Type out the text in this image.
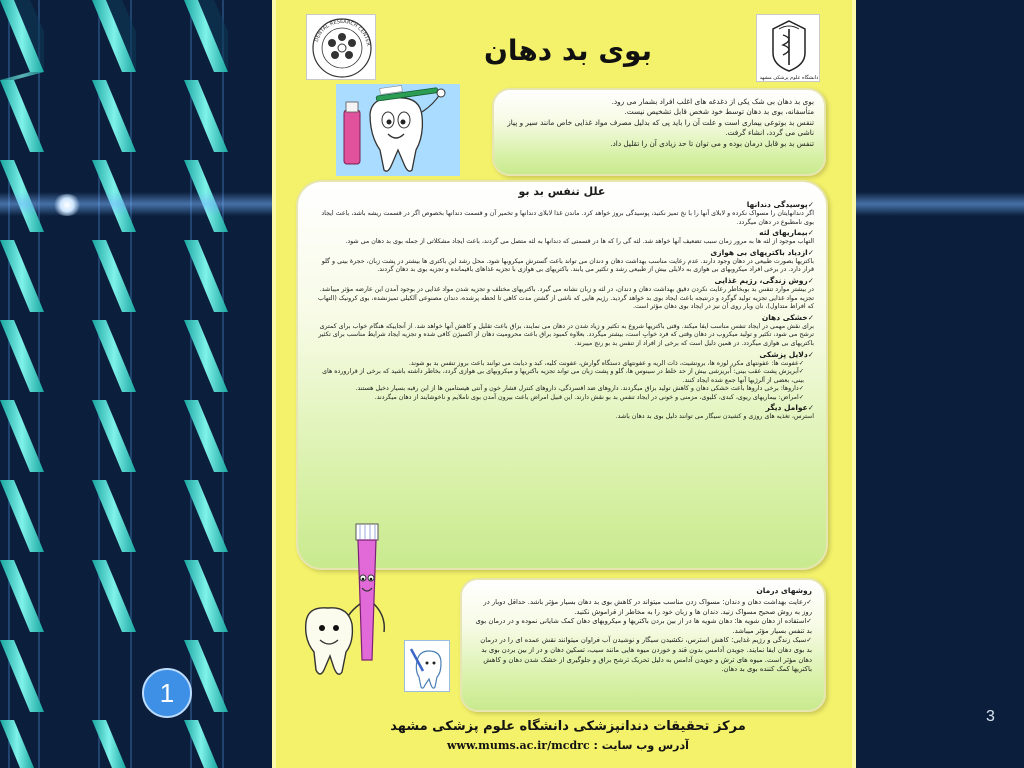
1
3
DENTAL RESEARCH CENTER	بوی بد دهان
دانشگاه علوم پزشکی مشهد

بوی بد دهان بی شک یکی از دغدغه های اغلب افراد بشمار می رود.

متأسفانه، بوی بد دهان توسط خود شخص قابل تشخیص نیست.

تنفس بد بوتوعی بیماری است و علت آن را باید پی که بدلیل مصرف مواد غذایی خاص مانند سیر و پیاز ناشی می گردد، انشاء گرفت.

تنفس بد بو قابل درمان بوده و می توان تا حد زیادی آن را تقلیل داد.

علل تنفس بد بو
✓پوسیدگی دندانها
اگر دندانهایتان را مسواک نکرده و لابلای آنها را با نخ تمیز نکنید، پوسیدگی بروز خواهد کرد. ماندن غذا لابلای دندانها و تخمیر آن و قسمت دندانها بخصوص اگر در قسمت ریشه باشد، باعث ایجاد بوی نامطبوع در دهان میگردد.
✓بیماریهای لثه
التهاب موجود از لثه ها به مرور زمان سبب تضعیف آنها خواهد شد. لثه گی را که ها در قسمتی که دندانها به لثه متصل می گردند، باعث ایجاد مشکلاتی از جمله بوی بد دهان می شود.
✓ازدیاد باکتریهای بی هوازی
باکتریها بصورت طبیعی در دهان وجود دارند. عدم رعایت مناسب بهداشت دهان و دندان می تواند باعث گسترش میکروبها شود. محل رشد این باکتری ها بیشتر در پشت زبان، حجرهٔ بینی و گلو قرار دارد. در برخی افراد میکروبهای بی هوازی به دلایلی بیش از طبیعی رشد و تکثیر می یابند. باکتریهای بی هوازی با تجزیه غذاهای باقیمانده و تجزیه بوی بد دهان گردند.
✓روش زندگی، رژیم غذایی
در بیشتر موارد تنفس بد بوبخاطر رعایت نکردن دقیق بهداشت دهان و دندان، در لثه و زبان نشانه می گیرد. باکتریهای مختلف و تجزیه شدن مواد غذایی در بوجود آمدن این عارضه مؤثر میباشد. تجزیه مواد غذایی تجزیه تولید گوگرد و درنتیجه باعث ایجاد بوی بد خواهد گردید. رژیم هایی که ناشی از گشتن مدت کاهی تا لحظه پرشده، دندان مصنوعی آلکیلی تمیزنشده، بوی کرونیک (التهاب که افراط متداول)، نان وبار روی آن نیز در ایجاد بوی دهان مؤثر است.
✓خشکی دهان
برای نقش مهمی در ایجاد تنفس مناسب ایفا میکند. وقتی باکتریها شروع به تکثیر و زیاد شدن در دهان می نمایند، بزاق باعث تقلیل و کاهش آنها خواهد شد. از آنجاییکه هنگام خواب برای کمتری ترشح می شود، تکثیر و تولید میکروب در دهان وقتی که فرد خوابِ است، بیشتر میگردد. بعلاوه کمبود براق باعث محرومیت دهان از اکسیژن کافی شده و تجزیه ایجاد شرایط مناسب برای تکثیر باکتریهای بی هوازی میگردد. در همین دلیل است که برخی از افراد از تنفس بد بو رنج میبرند.
✓دلایل پزشکی
✓عفونت ها: عفونتهای مکرر لوزه ها، برونشیت، ذات الریه و عفونتهای دستگاه گوارش، عفونت کلیه، کبد و دیابت می توانند باعث بروز تنفس بد بو شوند.
✓آبریزش پشت عقب بینی: آبریزشی بیش از حد خلط در سینوس ها، گلو و پشت زبان می تواند تجزیه باکتریها و میکروبهای بی هوازی گردد، بخاطر داشته باشید که برخی از قرارورده های بینی، بعضی از آلرژیها آنها جمع شده ایجاد کنند.
✓داروها: برخی داروها باعث خشکی دهان و کاهش تولید بزاق میگردند. داروهای ضد افسردگی، داروهای کنترل فشار خون و آنتی هیستامین ها از این رفبه بسیار دخیل هستند.
✓امراض: بیماریهای ریوی، کبدی، کلیوی، مزمنی و خونی در ایجاد تنفس بد بو نقش دارند. این قبیل امراض باعث بیرون آمدن بوی ناملایم و ناخوشایند از دهان میگردند.
✓عوامل دیگر
استرس، تغذیه های روزی و کشیدن سیگار می توانند دلیل بوی بد دهان باشد.
روشهای درمان

✓رعایت بهداشت دهان و دندان: مسواک زدن مناسب میتواند در کاهش بوی بد دهان بسیار مؤثر باشد. حداقل دوبار در روز به روش صحیح مسواک زنید. دندان ها و زبان خود را به مخاطر از قراموش نکنید.

✓استفاده از دهان شویه ها: دهان شویه ها در از بین بردن باکتریها و میکروبهای دهان کمک شایانی نموده و در درمان بوی بد تنفس بسیار مؤثر میباشد.

✓سبک زندگی و رژیم غذایی: کاهش استرس، نکشیدن سیگار و نوشیدن آب فراوان میتوانند نقش عمده ای را در درمان بد بوی دهان ایفا نمایند. جویدن آدامس بدون قند و خوردن میوه هایی مانند سیب، تسکین دهان و در از بین بردن بوی بد دهان مؤثر است. میوه های ترش و جویدن آدامس به دلیل تحریک ترشح براق و جلوگیری از خشک شدن دهان و کاهش باکتریها کمک کننده بوی بد دهان.

مرکز تحقیقات دندانپزشکی دانشگاه علوم پزشکی مشهد
آدرس وب سایت : www.mums.ac.ir/mcdrc
